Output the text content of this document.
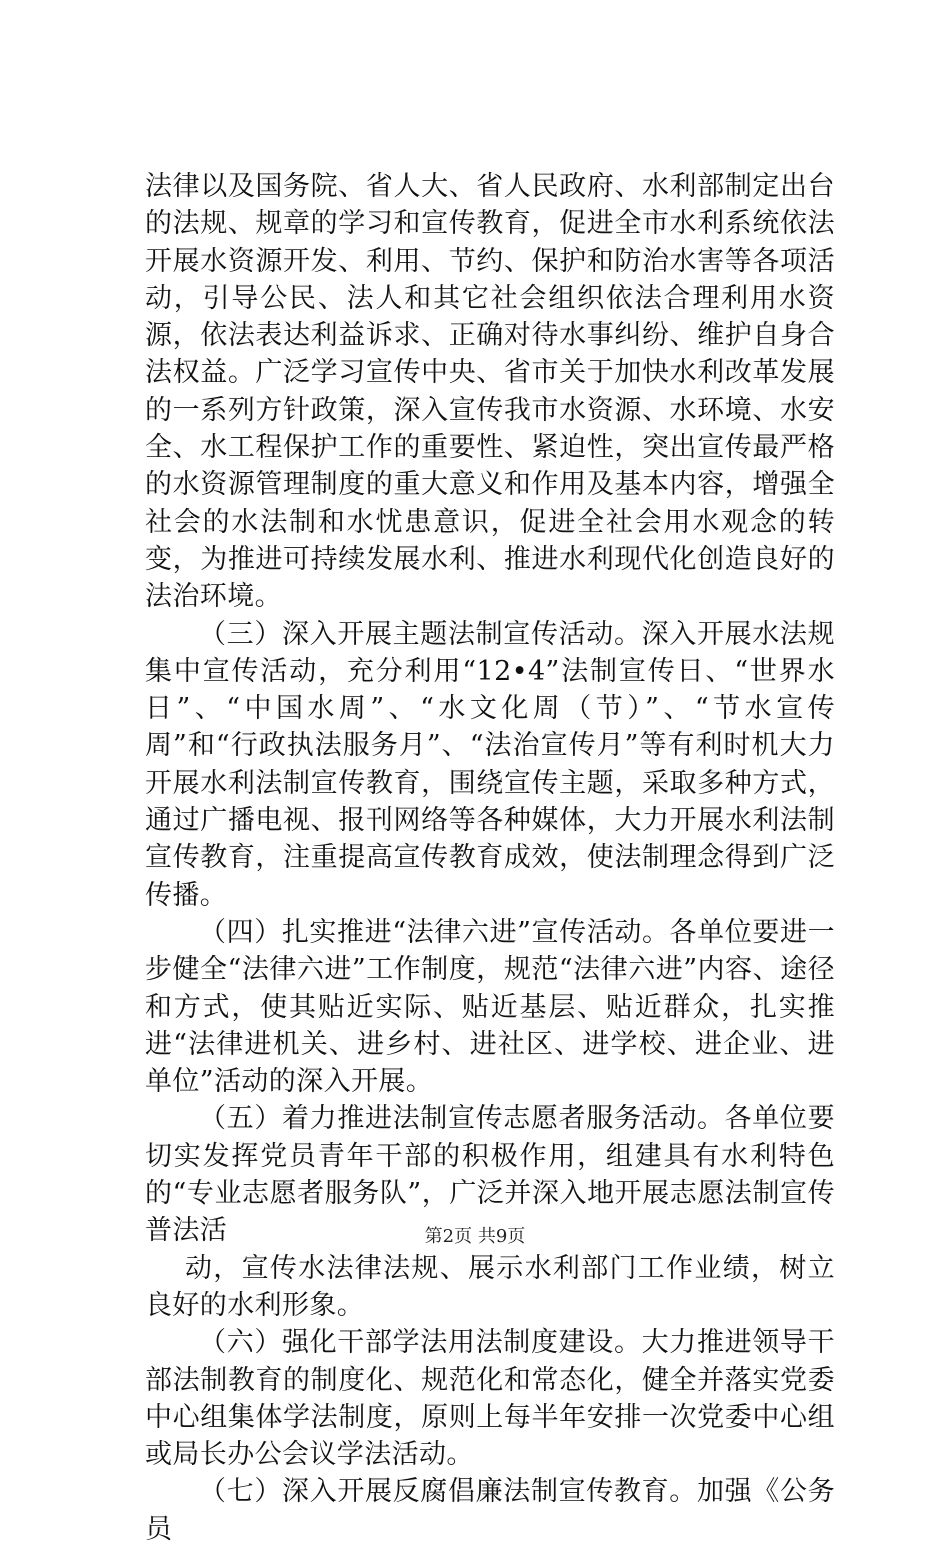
法律以及国务院、省人大、省人民政府、水利部制定出台的法规、规章的学习和宣传教育，促进全市水利系统依法开展水资源开发、利用、节约、保护和防治水害等各项活动，引导公民、法人和其它社会组织依法合理利用水资源，依法表达利益诉求、正确对待水事纠纷、维护自身合法权益。广泛学习宣传中央、省市关于加快水利改革发展的一系列方针政策，深入宣传我市水资源、水环境、水安全、水工程保护工作的重要性、紧迫性，突出宣传最严格的水资源管理制度的重大意义和作用及基本内容，增强全社会的水法制和水忧患意识，促进全社会用水观念的转变，为推进可持续发展水利、推进水利现代化创造良好的法治环境。

（三）深入开展主题法制宣传活动。深入开展水法规集中宣传活动，充分利用“12•4”法制宣传日、“世界水日”、“中国水周”、“水文化周（节）”、“节水宣传周”和“行政执法服务月”、“法治宣传月”等有利时机大力开展水利法制宣传教育，围绕宣传主题，采取多种方式，通过广播电视、报刊网络等各种媒体，大力开展水利法制宣传教育，注重提高宣传教育成效，使法制理念得到广泛传播。

（四）扎实推进“法律六进”宣传活动。各单位要进一步健全“法律六进”工作制度，规范“法律六进”内容、途径和方式，使其贴近实际、贴近基层、贴近群众，扎实推进“法律进机关、进乡村、进社区、进学校、进企业、进单位”活动的深入开展。

（五）着力推进法制宣传志愿者服务活动。各单位要切实发挥党员青年干部的积极作用，组建具有水利特色的“专业志愿者服务队”，广泛并深入地开展志愿法制宣传普法活

动，宣传水法律法规、展示水利部门工作业绩，树立良好的水利形象。

（六）强化干部学法用法制度建设。大力推进领导干部法制教育的制度化、规范化和常态化，健全并落实党委中心组集体学法制度，原则上每半年安排一次党委中心组或局长办公会议学法活动。

（七）深入开展反腐倡廉法制宣传教育。加强《公务员

第2页 共9页
